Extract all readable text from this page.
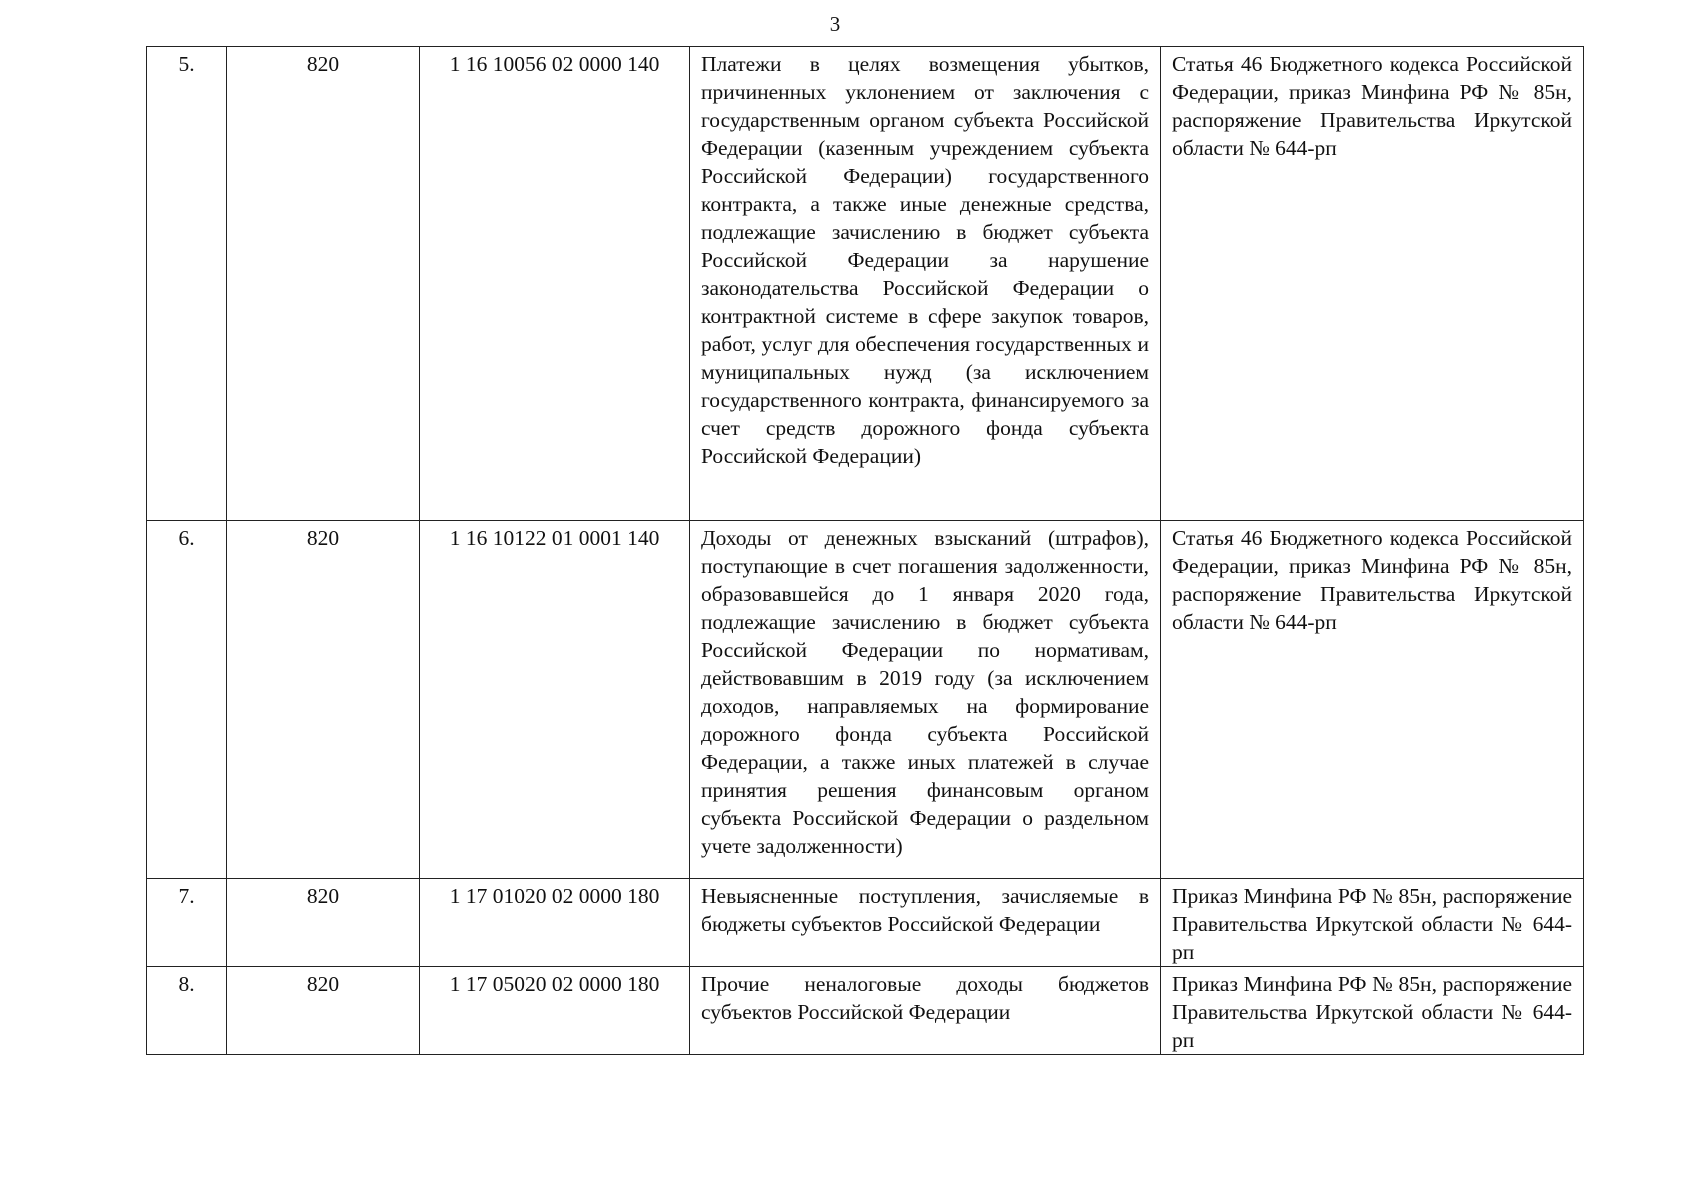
3
5.	820	1 16 10056 02 0000 140	Платежи в целях возмещения убытков, причиненных уклонением от заключения с государственным органом субъекта Российской Федерации (казенным учреждением субъекта Российской Федерации) государственного контракта, а также иные денежные средства, подлежащие зачислению в бюджет субъекта Российской Федерации за нарушение законодательства Российской Федерации о контрактной системе в сфере закупок товаров, работ, услуг для обеспечения государственных и муниципальных нужд (за исключением государственного контракта, финансируемого за счет средств дорожного фонда субъекта Российской Федерации)	Статья 46 Бюджетного кодекса Российской Федерации, приказ Минфина РФ № 85н, распоряжение Правительства Иркутской области № 644-рп
6.	820	1 16 10122 01 0001 140	Доходы от денежных взысканий (штрафов), поступающие в счет погашения задолженности, образовавшейся до 1 января 2020 года, подлежащие зачислению в бюджет субъекта Российской Федерации по нормативам, действовавшим в 2019 году (за исключением доходов, направляемых на формирование дорожного фонда субъекта Российской Федерации, а также иных платежей в случае принятия решения финансовым органом субъекта Российской Федерации о раздельном учете задолженности)	Статья 46 Бюджетного кодекса Российской Федерации, приказ Минфина РФ № 85н, распоряжение Правительства Иркутской области № 644-рп
7.	820	1 17 01020 02 0000 180	Невыясненные поступления, зачисляемые в бюджеты субъектов Российской Федерации	Приказ Минфина РФ № 85н, распоряжение Правительства Иркутской области № 644-рп
8.	820	1 17 05020 02 0000 180	Прочие неналоговые доходы бюджетов субъектов Российской Федерации	Приказ Минфина РФ № 85н, распоряжение Правительства Иркутской области № 644-рп
